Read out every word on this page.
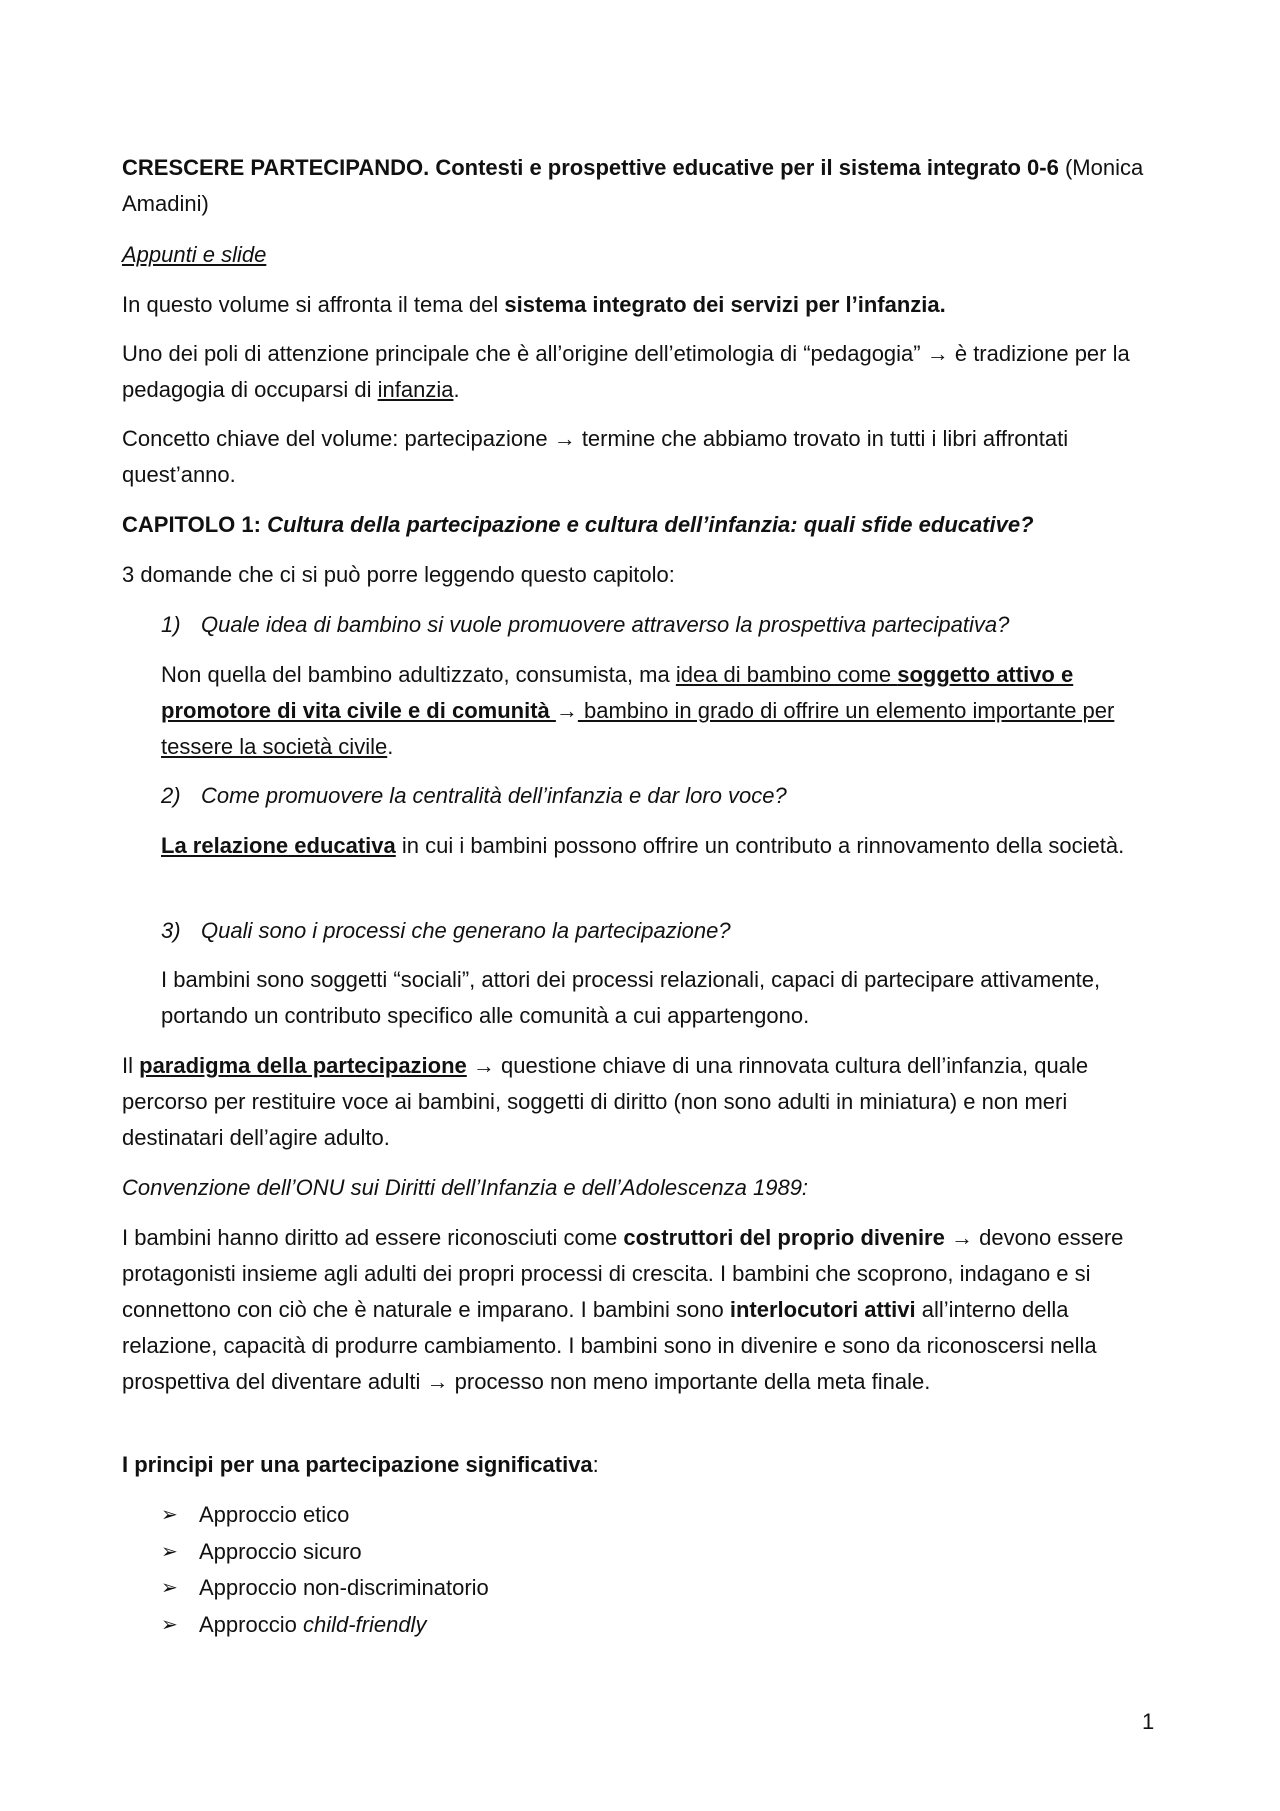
CRESCERE PARTECIPANDO. Contesti e prospettive educative per il sistema integrato 0-6 (Monica Amadini)

Appunti e slide

In questo volume si affronta il tema del sistema integrato dei servizi per l’infanzia.

Uno dei poli di attenzione principale che è all’origine dell’etimologia di “pedagogia” → è tradizione per la pedagogia di occuparsi di infanzia.

Concetto chiave del volume: partecipazione → termine che abbiamo trovato in tutti i libri affrontati quest’anno.

CAPITOLO 1: Cultura della partecipazione e cultura dell’infanzia: quali sfide educative?

3 domande che ci si può porre leggendo questo capitolo:

1) Quale idea di bambino si vuole promuovere attraverso la prospettiva partecipativa?

Non quella del bambino adultizzato, consumista, ma idea di bambino come soggetto attivo e promotore di vita civile e di comunità → bambino in grado di offrire un elemento importante per tessere la società civile.

2) Come promuovere la centralità dell’infanzia e dar loro voce?

La relazione educativa in cui i bambini possono offrire un contributo a rinnovamento della società.

3) Quali sono i processi che generano la partecipazione?

I bambini sono soggetti “sociali”, attori dei processi relazionali, capaci di partecipare attivamente, portando un contributo specifico alle comunità a cui appartengono.

Il paradigma della partecipazione → questione chiave di una rinnovata cultura dell’infanzia, quale percorso per restituire voce ai bambini, soggetti di diritto (non sono adulti in miniatura) e non meri destinatari dell’agire adulto.

Convenzione dell’ONU sui Diritti dell’Infanzia e dell’Adolescenza 1989:

I bambini hanno diritto ad essere riconosciuti come costruttori del proprio divenire → devono essere protagonisti insieme agli adulti dei propri processi di crescita. I bambini che scoprono, indagano e si connettono con ciò che è naturale e imparano. I bambini sono interlocutori attivi all’interno della relazione, capacità di produrre cambiamento. I bambini sono in divenire e sono da riconoscersi nella prospettiva del diventare adulti → processo non meno importante della meta finale.

I principi per una partecipazione significativa:

➢ Approccio etico
➢ Approccio sicuro
➢ Approccio non-discriminatorio
➢ Approccio child-friendly
1
